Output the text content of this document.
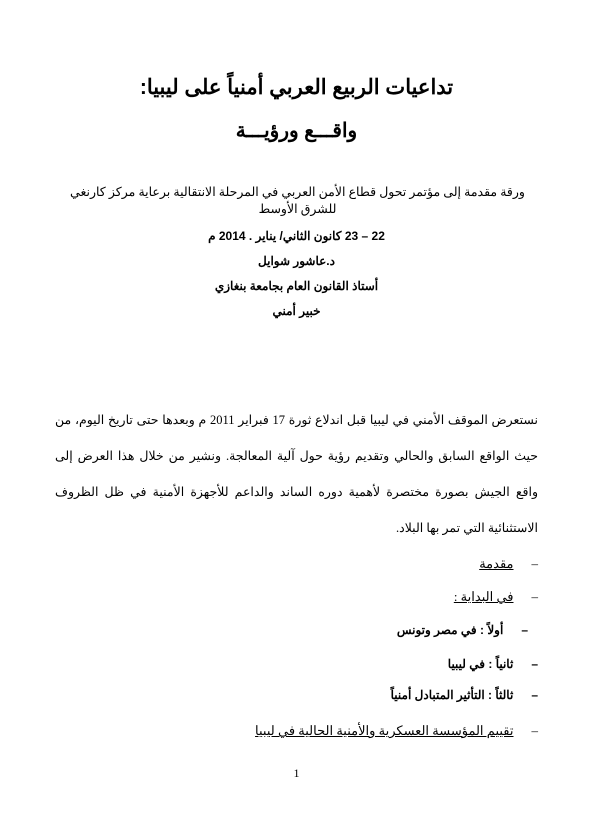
تداعيات الربيع العربي أمنياً على ليبيا:
واقـــع ورؤيـــة
ورقة مقدمة إلى مؤتمر تحول قطاع الأمن العربي في المرحلة الانتقالية برعاية مركز كارنغي للشرق الأوسط
22 – 23 كانون الثاني/ يناير . 2014 م
د.عاشور شوايل
أستاذ القانون العام بجامعة بنغازي
خبير أمني
نستعرض الموقف الأمني في ليبيا قبل اندلاع ثورة 17 فبراير 2011 م وبعدها حتى تاريخ اليوم، من حيث الواقع السابق والحالي وتقديم رؤية حول آلية المعالجة. ونشير من خلال هذا العرض إلى واقع الجيش بصورة مختصرة لأهمية دوره الساند والداعم للأجهزة الأمنية في ظل الظروف الاستثنائية التي تمر بها البلاد.
–مقدمة
–في البداية :
–أولاً : في مصر وتونس
–ثانياً : في ليبيا
–ثالثاً : التأثير المتبادل أمنياً
–تقييم المؤسسة العسكرية والأمنية الحالية في ليبيا
1
